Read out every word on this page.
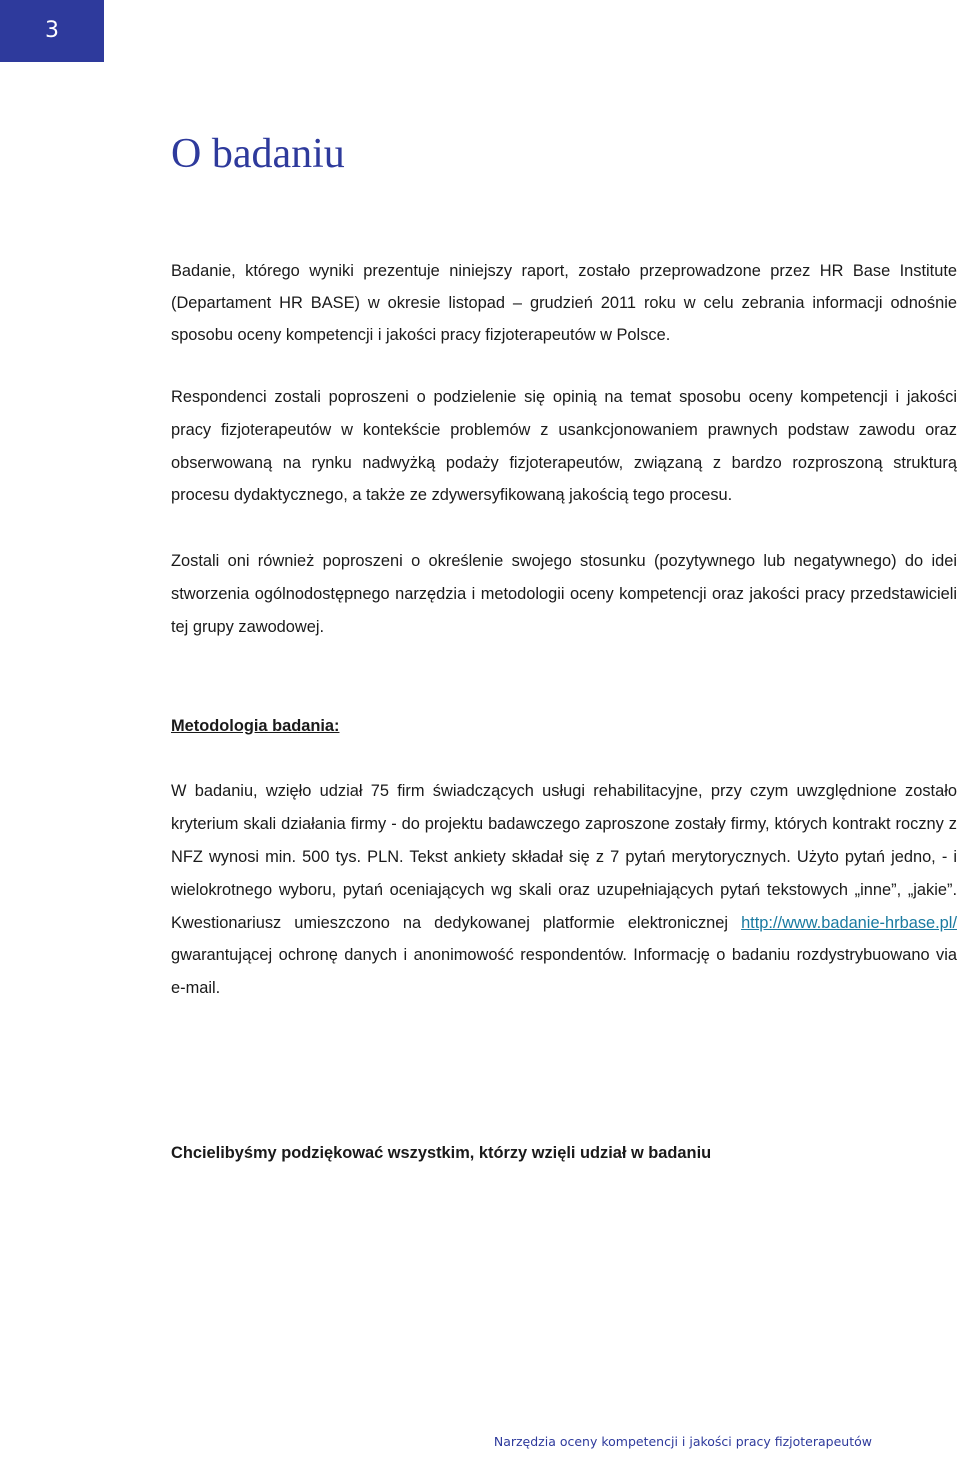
3
O badaniu

Badanie, którego wyniki prezentuje niniejszy raport, zostało przeprowadzone przez HR Base Institute (Departament HR BASE) w okresie listopad – grudzień 2011 roku w celu zebrania informacji odnośnie sposobu oceny kompetencji i jakości pracy fizjoterapeutów w Polsce.

Respondenci zostali poproszeni o podzielenie się opinią na temat sposobu oceny kompetencji i jakości pracy fizjoterapeutów w kontekście problemów z usankcjonowaniem prawnych podstaw zawodu oraz obserwowaną na rynku nadwyżką podaży fizjoterapeutów, związaną z bardzo rozproszoną strukturą procesu dydaktycznego, a także ze zdywersyfikowaną jakością tego procesu.

Zostali oni również poproszeni o określenie swojego stosunku (pozytywnego lub negatywnego) do idei stworzenia ogólnodostępnego narzędzia i metodologii oceny kompetencji oraz jakości pracy przedstawicieli tej grupy zawodowej.

Metodologia badania:

W badaniu, wzięło udział 75 firm świadczących usługi rehabilitacyjne, przy czym uwzględnione zostało kryterium skali działania firmy - do projektu badawczego zaproszone zostały firmy, których kontrakt roczny z NFZ wynosi min. 500 tys. PLN. Tekst ankiety składał się z 7 pytań merytorycznych. Użyto pytań jedno, - i wielokrotnego wyboru, pytań oceniających wg skali oraz uzupełniających pytań tekstowych „inne”, „jakie”. Kwestionariusz umieszczono na dedykowanej platformie elektronicznej http://www.badanie-hrbase.pl/ gwarantującej ochronę danych i anonimowość respondentów. Informację o badaniu rozdystrybuowano via e-mail.

Chcielibyśmy podziękować wszystkim, którzy wzięli udział w badaniu

Narzędzia oceny kompetencji i jakości pracy fizjoterapeutów
